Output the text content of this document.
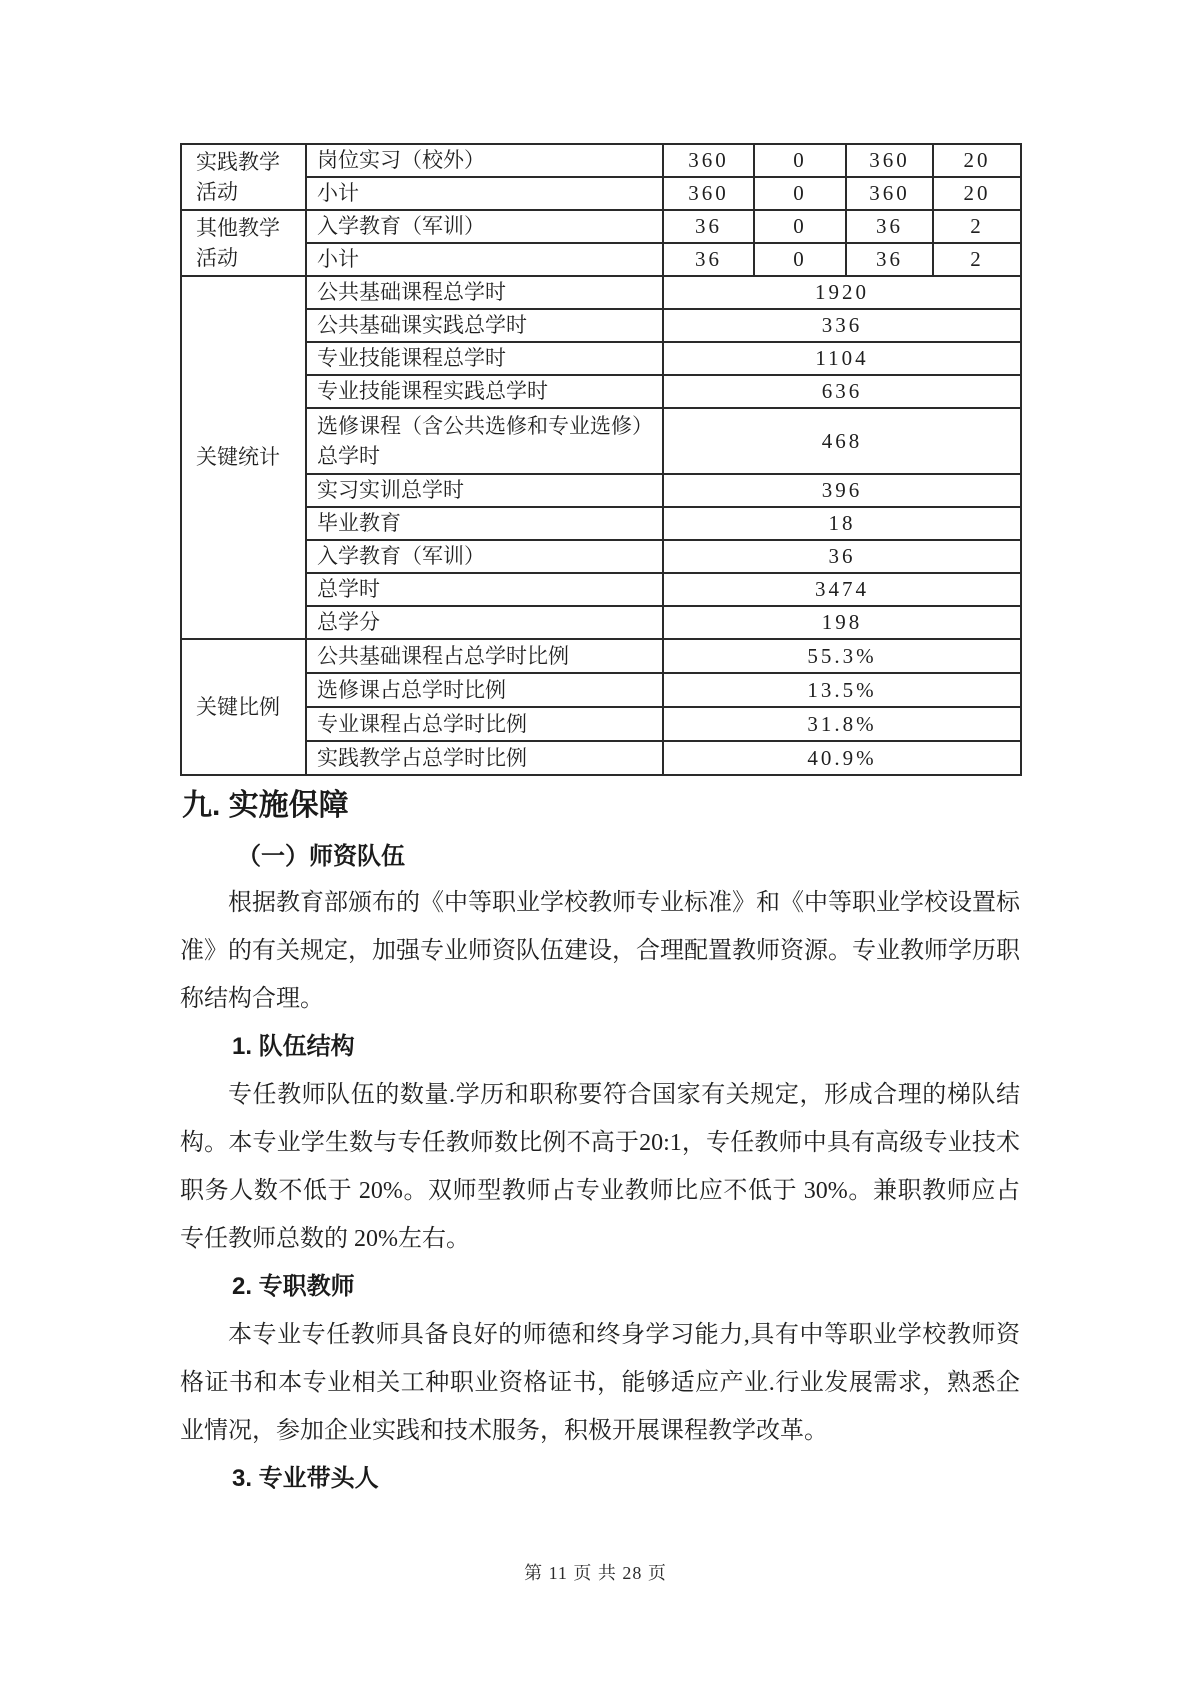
实践教学活动	岗位实习（校外）	360	0	360	20
	小计	360	0	360	20
其他教学活动	入学教育（军训）	36	0	36	2
	小计	36	0	36	2
关键统计	公共基础课程总学时	1920			
	公共基础课实践总学时	336			
	专业技能课程总学时	1104			
	专业技能课程实践总学时	636			
	选修课程（含公共选修和专业选修）总学时	468			
	实习实训总学时	396			
	毕业教育	18			
	入学教育（军训）	36			
	总学时	3474			
	总学分	198			
关键比例	公共基础课程占总学时比例	55.3%			
	选修课占总学时比例	13.5%			
	专业课程占总学时比例	31.8%			
	实践教学占总学时比例	40.9%			
九. 实施保障
（一）师资队伍

根据教育部颁布的《中等职业学校教师专业标准》和《中等职业学校设置标准》的有关规定，加强专业师资队伍建设，合理配置教师资源。专业教师学历职称结构合理。

1. 队伍结构

专任教师队伍的数量.学历和职称要符合国家有关规定，形成合理的梯队结构。本专业学生数与专任教师数比例不高于20:1，专任教师中具有高级专业技术职务人数不低于 20%。双师型教师占专业教师比应不低于 30%。兼职教师应占专任教师总数的 20%左右。

2. 专职教师

本专业专任教师具备良好的师德和终身学习能力,具有中等职业学校教师资格证书和本专业相关工种职业资格证书，能够适应产业.行业发展需求，熟悉企业情况，参加企业实践和技术服务，积极开展课程教学改革。

3. 专业带头人
第 11 页 共 28 页
